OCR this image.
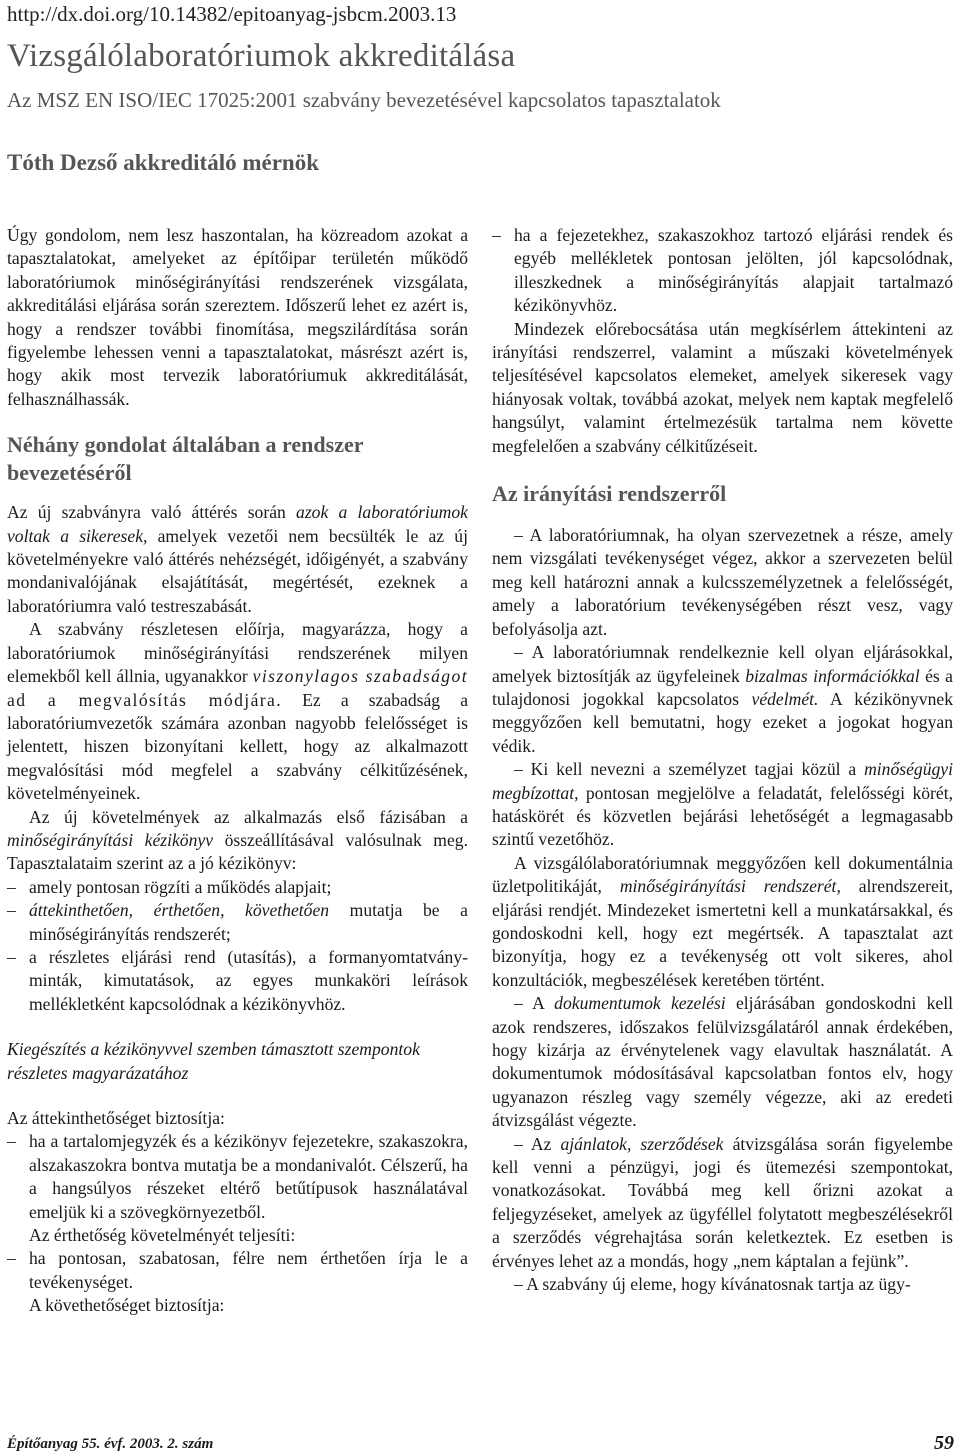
http://dx.doi.org/10.14382/epitoanyag-jsbcm.2003.13
Vizsgálólaboratóriumok akkreditálása
Az MSZ EN ISO/IEC 17025:2001 szabvány bevezetésével kapcsolatos tapasztalatok
Tóth Dezső akkreditáló mérnök

Úgy gondolom, nem lesz haszontalan, ha közreadom azokat a tapasztalatokat, amelyeket az építőipar területén működő laboratóriumok minőségirányítási rendszerének vizsgálata, akkreditálási eljárása során szereztem. Időszerű lehet ez azért is, hogy a rendszer további finomítása, megszilárdítása során figyelembe lehessen venni a tapasztalatokat, másrészt azért is, hogy akik most tervezik laboratóriumuk akkreditálását, felhasználhassák.

Néhány gondolat általában a rendszer bevezetéséről

Az új szabványra való áttérés során azok a laboratóriumok voltak a sikeresek, amelyek vezetői nem becsülték le az új követelményekre való áttérés nehézségét, időigényét, a szabvány mondanivalójának elsajátítását, megértését, ezeknek a laboratóriumra való testreszabását.

A szabvány részletesen előírja, magyarázza, hogy a laboratóriumok minőségirányítási rendszerének milyen elemekből kell állnia, ugyanakkor viszonylagos szabadságot ad a megvalósítás módjára. Ez a szabadság a laboratóriumvezetők számára azonban nagyobb felelősséget is jelentett, hiszen bizonyítani kellett, hogy az alkalmazott megvalósítási mód megfelel a szabvány célkitűzésének, követelményeinek.

Az új követelmények az alkalmazás első fázisában a minőségirányítási kézikönyv összeállításával valósulnak meg. Tapasztalataim szerint az a jó kézikönyv:

– amely pontosan rögzíti a működés alapjait;

– áttekinthetően, érthetően, követhetően mutatja be a minőségirányítás rendszerét;

– a részletes eljárási rend (utasítás), a formanyomtatvány-minták, kimutatások, az egyes munkaköri leírások mellékletként kapcsolódnak a kézikönyvhöz.

Kiegészítés a kézikönyvvel szemben támasztott szempontok részletes magyarázatához

Az áttekinthetőséget biztosítja:

– ha a tartalomjegyzék és a kézikönyv fejezetekre, szakaszokra, alszakaszokra bontva mutatja be a mondanivalót. Célszerű, ha a hangsúlyos részeket eltérő betűtípusok használatával emeljük ki a szövegkörnyezetből.

Az érthetőség követelményét teljesíti:

– ha pontosan, szabatosan, félre nem érthetően írja le a tevékenységet.

A követhetőséget biztosítja:

– ha a fejezetekhez, szakaszokhoz tartozó eljárási rendek és egyéb mellékletek pontosan jelölten, jól kapcsolódnak, illeszkednek a minőségirányítás alapjait tartalmazó kézikönyvhöz.

Mindezek előrebocsátása után megkísérlem áttekinteni az irányítási rendszerrel, valamint a műszaki követelmények teljesítésével kapcsolatos elemeket, amelyek sikeresek vagy hiányosak voltak, továbbá azokat, melyek nem kaptak megfelelő hangsúlyt, valamint értelmezésük tartalma nem követte megfelelően a szabvány célkitűzéseit.

Az irányítási rendszerről

– A laboratóriumnak, ha olyan szervezetnek a része, amely nem vizsgálati tevékenységet végez, akkor a szervezeten belül meg kell határozni annak a kulcsszemélyzetnek a felelősségét, amely a laboratórium tevékenységében részt vesz, vagy befolyásolja azt.

– A laboratóriumnak rendelkeznie kell olyan eljárásokkal, amelyek biztosítják az ügyfeleinek bizalmas információkkal és a tulajdonosi jogokkal kapcsolatos védelmét. A kézikönyvnek meggyőzően kell bemutatni, hogy ezeket a jogokat hogyan védik.

– Ki kell nevezni a személyzet tagjai közül a minőségügyi megbízottat, pontosan megjelölve a feladatát, felelősségi körét, hatáskörét és közvetlen bejárási lehetőségét a legmagasabb szintű vezetőhöz.

A vizsgálólaboratóriumnak meggyőzően kell dokumentálnia üzletpolitikáját, minőségirányítási rendszerét, alrendszereit, eljárási rendjét. Mindezeket ismertetni kell a munkatársakkal, és gondoskodni kell, hogy ezt megértsék. A tapasztalat azt bizonyítja, hogy ez a tevékenység ott volt sikeres, ahol konzultációk, megbeszélések keretében történt.

– A dokumentumok kezelési eljárásában gondoskodni kell azok rendszeres, időszakos felülvizsgálatáról annak érdekében, hogy kizárja az érvénytelenek vagy elavultak használatát. A dokumentumok módosításával kapcsolatban fontos elv, hogy ugyanazon részleg vagy személy végezze, aki az eredeti átvizsgálást végezte.

– Az ajánlatok, szerződések átvizsgálása során figyelembe kell venni a pénzügyi, jogi és ütemezési szempontokat, vonatkozásokat. Továbbá meg kell őrizni azokat a feljegyzéseket, amelyek az ügyféllel folytatott megbeszélésekről a szerződés végrehajtása során keletkeztek. Ez esetben is érvényes lehet az a mondás, hogy „nem káptalan a fejünk”.

– A szabvány új eleme, hogy kívánatosnak tartja az ügy-

Építőanyag 55. évf. 2003. 2. szám	59
